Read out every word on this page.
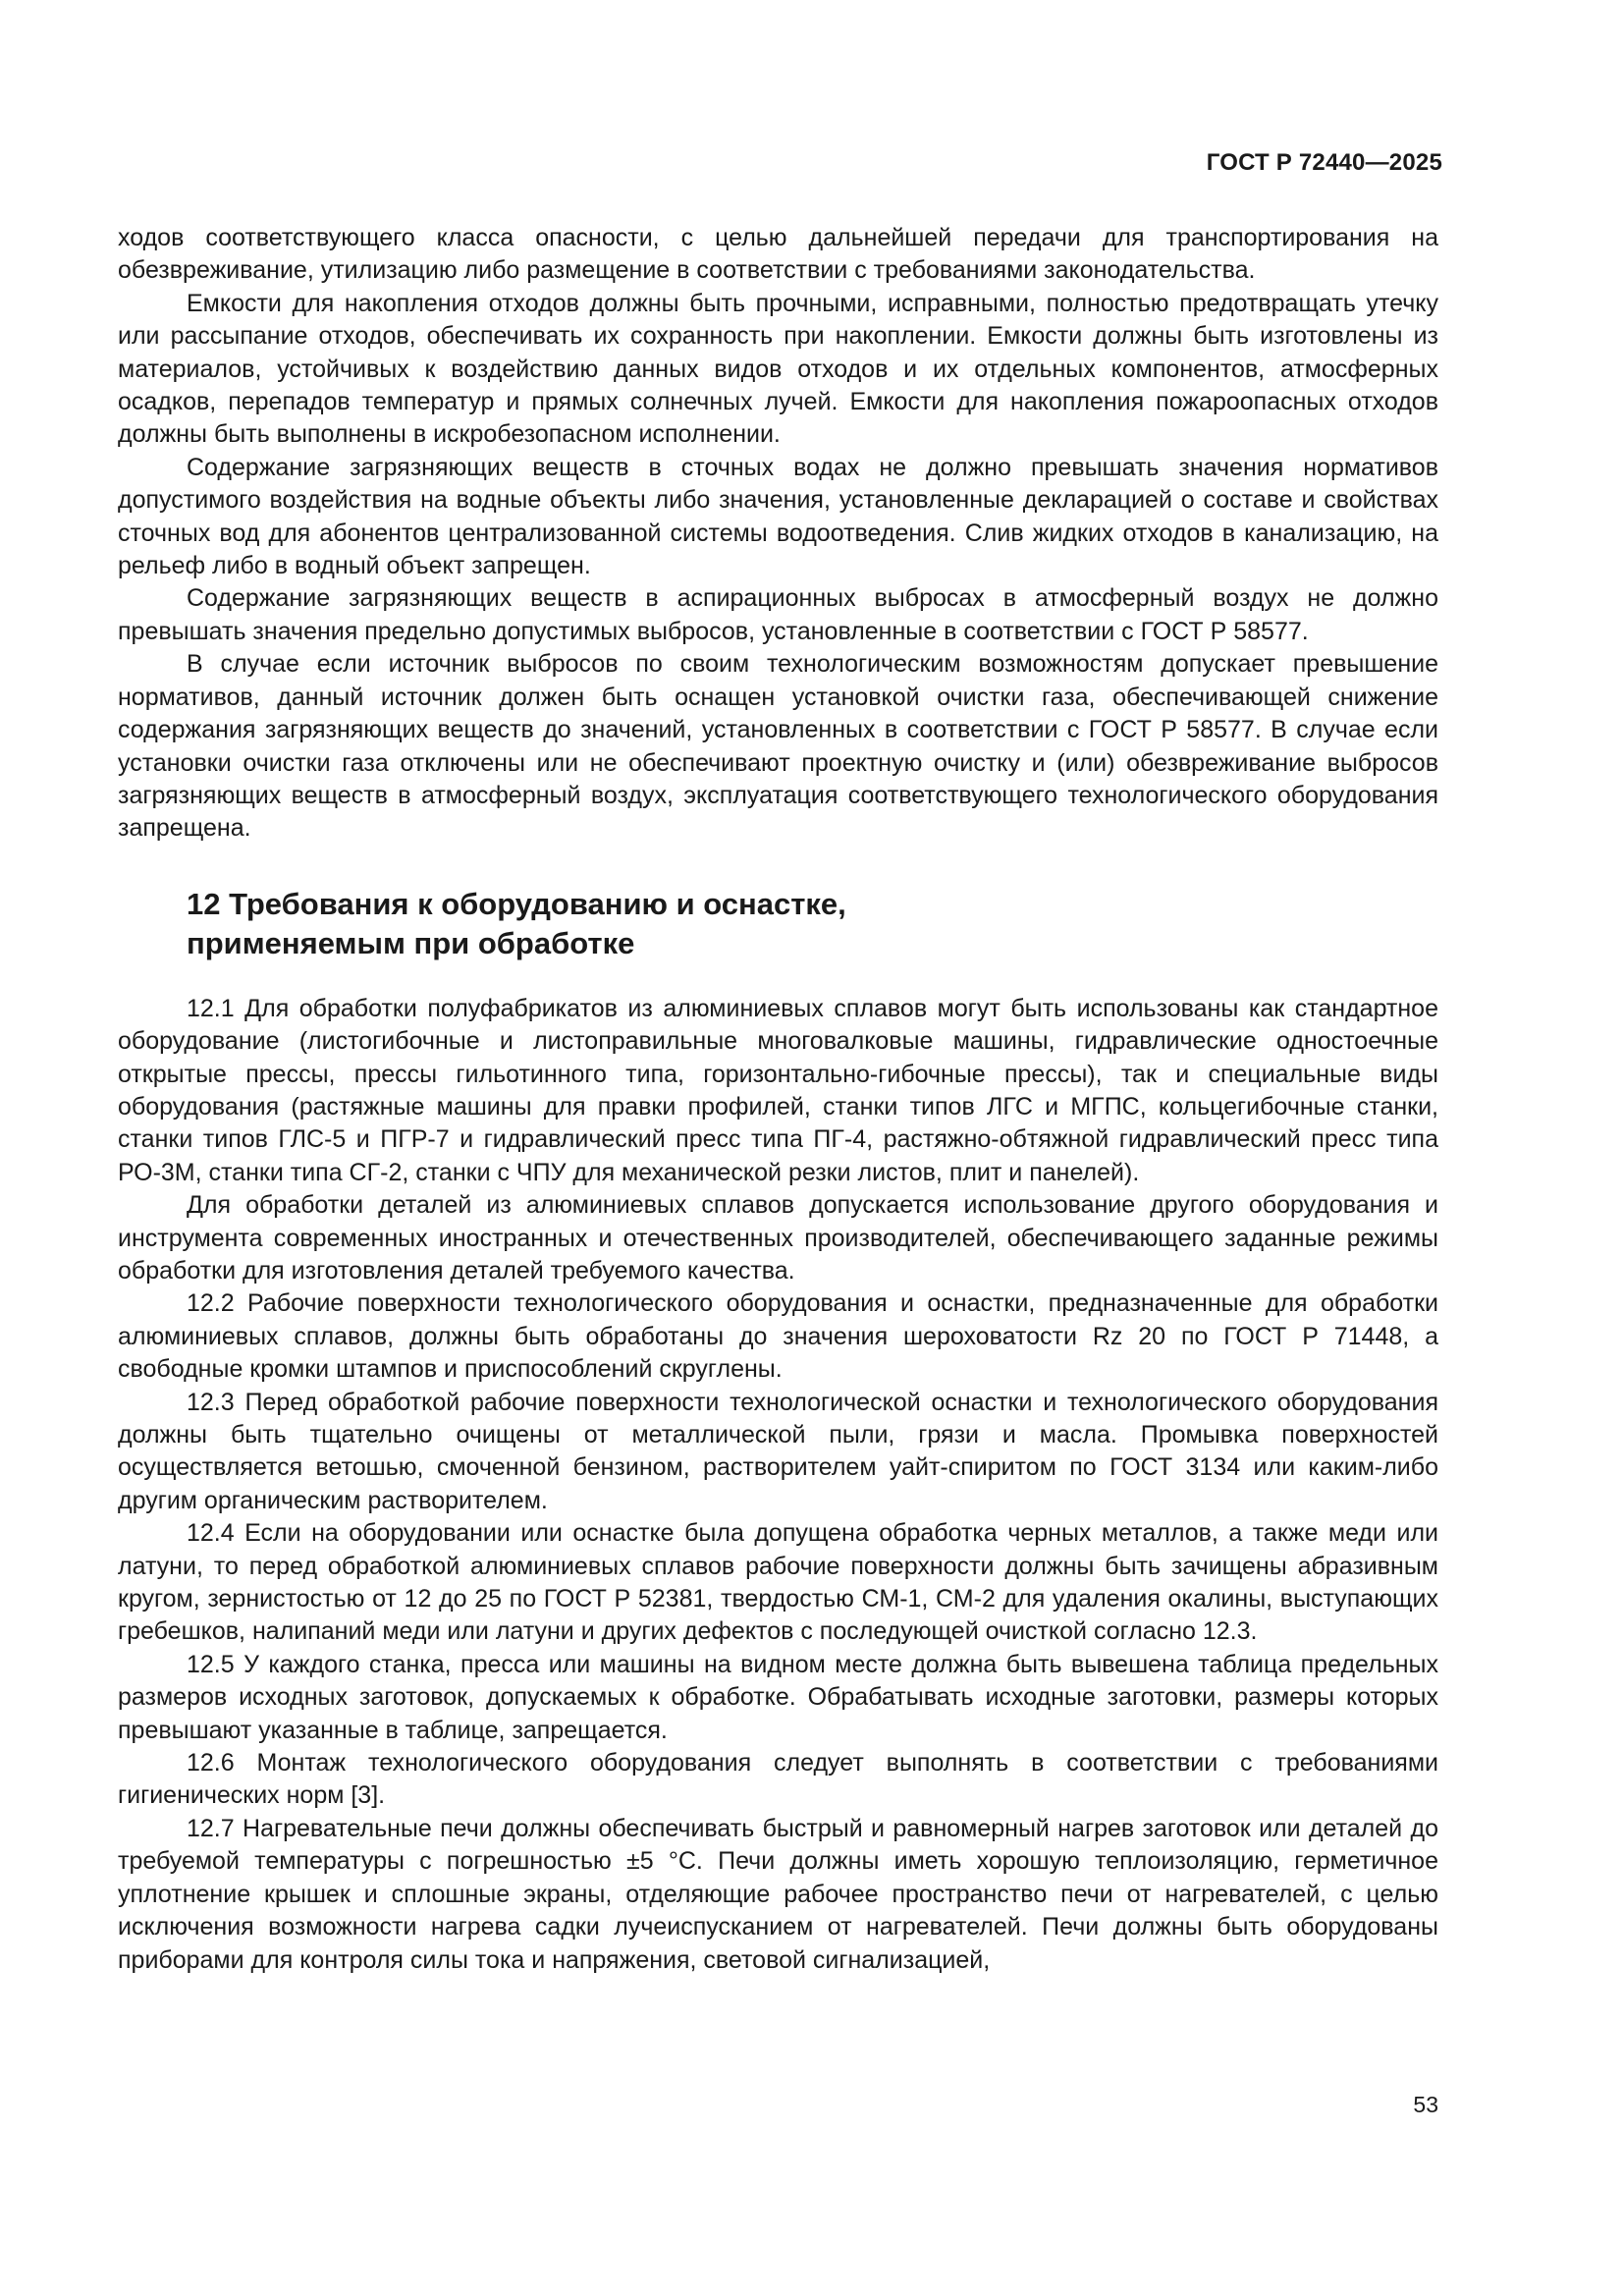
ГОСТ Р 72440—2025

ходов соответствующего класса опасности, с целью дальнейшей передачи для транспортирования на обезвреживание, утилизацию либо размещение в соответствии с требованиями законодательства.

Емкости для накопления отходов должны быть прочными, исправными, полностью предотвращать утечку или рассыпание отходов, обеспечивать их сохранность при накоплении. Емкости должны быть изготовлены из материалов, устойчивых к воздействию данных видов отходов и их отдельных компонентов, атмосферных осадков, перепадов температур и прямых солнечных лучей. Емкости для накопления пожароопасных отходов должны быть выполнены в искробезопасном исполнении.

Содержание загрязняющих веществ в сточных водах не должно превышать значения нормативов допустимого воздействия на водные объекты либо значения, установленные декларацией о составе и свойствах сточных вод для абонентов централизованной системы водоотведения. Слив жидких отходов в канализацию, на рельеф либо в водный объект запрещен.

Содержание загрязняющих веществ в аспирационных выбросах в атмосферный воздух не должно превышать значения предельно допустимых выбросов, установленные в соответствии с ГОСТ Р 58577.

В случае если источник выбросов по своим технологическим возможностям допускает превышение нормативов, данный источник должен быть оснащен установкой очистки газа, обеспечивающей снижение содержания загрязняющих веществ до значений, установленных в соответствии с ГОСТ Р 58577. В случае если установки очистки газа отключены или не обеспечивают проектную очистку и (или) обезвреживание выбросов загрязняющих веществ в атмосферный воздух, эксплуатация соответствующего технологического оборудования запрещена.

12 Требования к оборудованию и оснастке,
применяемым при обработке

12.1 Для обработки полуфабрикатов из алюминиевых сплавов могут быть использованы как стандартное оборудование (листогибочные и листоправильные многовалковые машины, гидравлические одностоечные открытые прессы, прессы гильотинного типа, горизонтально-гибочные прессы), так и специальные виды оборудования (растяжные машины для правки профилей, станки типов ЛГС и МГПС, кольцегибочные станки, станки типов ГЛС-5 и ПГР-7 и гидравлический пресс типа ПГ-4, растяжно-обтяжной гидравлический пресс типа РО-3М, станки типа СГ-2, станки с ЧПУ для механической резки листов, плит и панелей).

Для обработки деталей из алюминиевых сплавов допускается использование другого оборудования и инструмента современных иностранных и отечественных производителей, обеспечивающего заданные режимы обработки для изготовления деталей требуемого качества.

12.2 Рабочие поверхности технологического оборудования и оснастки, предназначенные для обработки алюминиевых сплавов, должны быть обработаны до значения шероховатости Rz 20 по ГОСТ Р 71448, а свободные кромки штампов и приспособлений скруглены.

12.3 Перед обработкой рабочие поверхности технологической оснастки и технологического оборудования должны быть тщательно очищены от металлической пыли, грязи и масла. Промывка поверхностей осуществляется ветошью, смоченной бензином, растворителем уайт-спиритом по ГОСТ 3134 или каким-либо другим органическим растворителем.

12.4 Если на оборудовании или оснастке была допущена обработка черных металлов, а также меди или латуни, то перед обработкой алюминиевых сплавов рабочие поверхности должны быть зачищены абразивным кругом, зернистостью от 12 до 25 по ГОСТ Р 52381, твердостью СМ-1, СМ-2 для удаления окалины, выступающих гребешков, налипаний меди или латуни и других дефектов с последующей очисткой согласно 12.3.

12.5 У каждого станка, пресса или машины на видном месте должна быть вывешена таблица предельных размеров исходных заготовок, допускаемых к обработке. Обрабатывать исходные заготовки, размеры которых превышают указанные в таблице, запрещается.

12.6 Монтаж технологического оборудования следует выполнять в соответствии с требованиями гигиенических норм [3].

12.7 Нагревательные печи должны обеспечивать быстрый и равномерный нагрев заготовок или деталей до требуемой температуры с погрешностью ±5 °С. Печи должны иметь хорошую теплоизоляцию, герметичное уплотнение крышек и сплошные экраны, отделяющие рабочее пространство печи от нагревателей, с целью исключения возможности нагрева садки лучеиспусканием от нагревателей. Печи должны быть оборудованы приборами для контроля силы тока и напряжения, световой сигнализацией,

53
